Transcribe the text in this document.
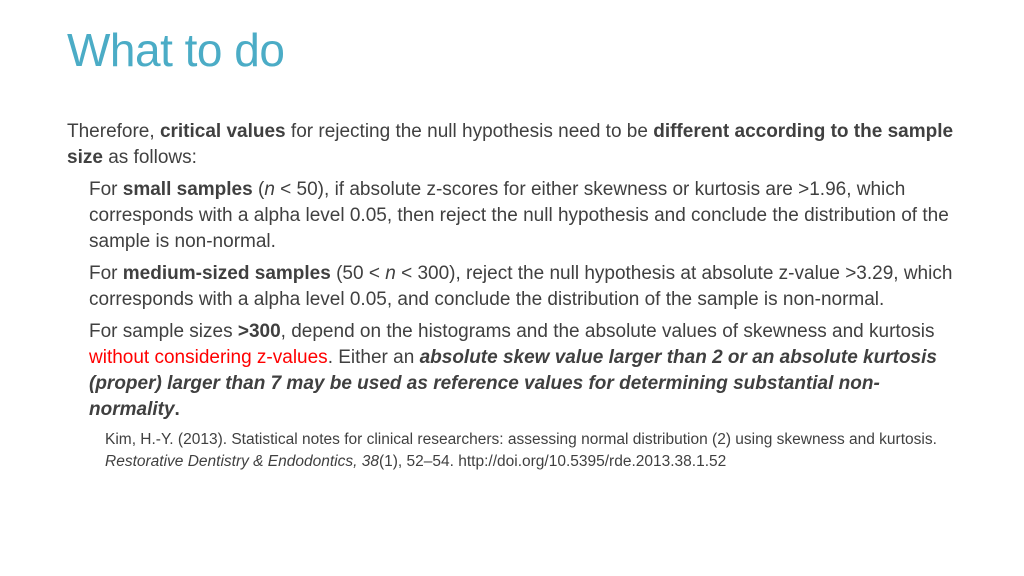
What to do

Therefore, critical values for rejecting the null hypothesis need to be different according to the sample size as follows:

For small samples (n < 50), if absolute z-scores for either skewness or kurtosis are >1.96, which corresponds with a alpha level 0.05, then reject the null hypothesis and conclude the distribution of the sample is non-normal.

For medium-sized samples (50 < n < 300), reject the null hypothesis at absolute z-value >3.29, which corresponds with a alpha level 0.05, and conclude the distribution of the sample is non-normal.

For sample sizes >300, depend on the histograms and the absolute values of skewness and kurtosis without considering z-values. Either an absolute skew value larger than 2 or an absolute kurtosis (proper) larger than 7 may be used as reference values for determining substantial non-normality.

Kim, H.-Y. (2013). Statistical notes for clinical researchers: assessing normal distribution (2) using skewness and kurtosis. Restorative Dentistry & Endodontics, 38(1), 52–54. http://doi.org/10.5395/rde.2013.38.1.52
